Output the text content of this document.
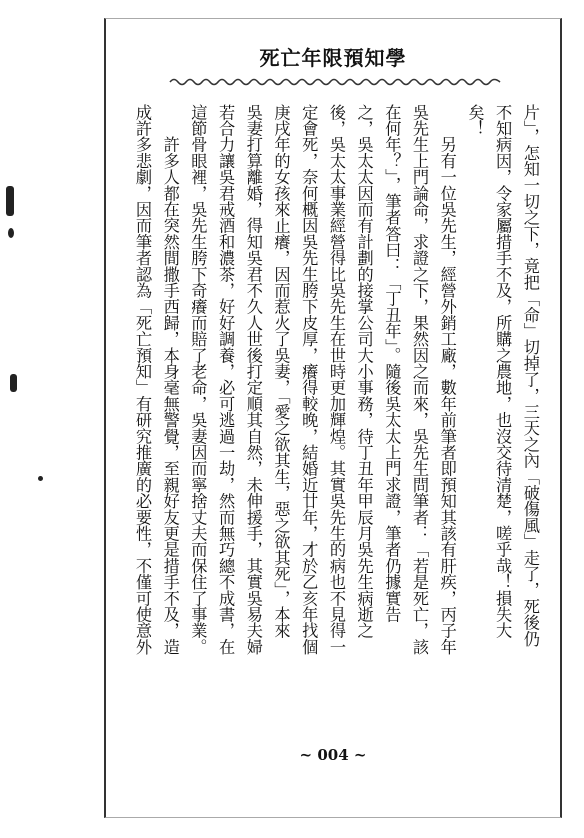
死亡年限預知學
片」，怎知一切之下，竟把「命」切掉了，三天之內「破傷風」走了，死後仍
不知病因，令家屬措手不及，所購之農地，也沒交待清楚，嗟乎哉！損失大
矣！
　　另有一位吳先生，經營外銷工廠，數年前筆者即預知其該有肝疾，丙子年
吳先生上門論命，求證之下，果然因之而來，吳先生問筆者：「若是死亡，該
在何年？」，筆者答曰：「丁丑年」。隨後吳太太上門求證，筆者仍據實告
之，吳太太因而有計劃的接掌公司大小事務，待丁丑年甲辰月吳先生病逝之
後，吳太太事業經營得比吳先生在世時更加輝煌。其實吳先生的病也不見得一
定會死，奈何概因吳先生胯下皮厚，癢得較晚，結婚近廿年，才於乙亥年找個
庚戌年的女孩來止癢，因而惹火了吳妻，「愛之欲其生，惡之欲其死」，本來
吳妻打算離婚，得知吳君不久人世後打定順其自然，未伸援手，其實吳易夫婦
若合力讓吳君戒酒和濃茶，好好調養，必可逃過一劫，然而無巧總不成書，在
這節骨眼裡，吳先生胯下奇癢而賠了老命，吳妻因而寧捨丈夫而保住了事業。
　　許多人都在突然間撒手西歸，本身毫無警覺，至親好友更是措手不及，造
成許多悲劇，因而筆者認為「死亡預知」有研究推廣的必要性，不僅可使意外
~ 004 ~
